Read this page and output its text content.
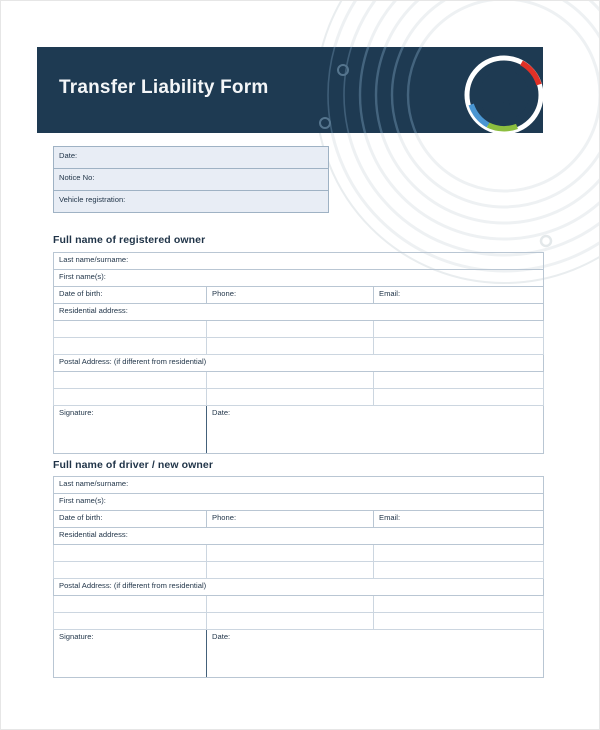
Transfer Liability Form
Date:
Notice No:
Vehicle registration:
Full name of registered owner
Last name/surname:		
First name(s):		
Date of birth:	Phone:	Email:
Residential address:		

Postal Address: (if different from residential)		

Signature:	Date:	
Full name of driver / new owner
Last name/surname:		
First name(s):		
Date of birth:	Phone:	Email:
Residential address:		

Postal Address: (if different from residential)		

Signature:	Date:	
